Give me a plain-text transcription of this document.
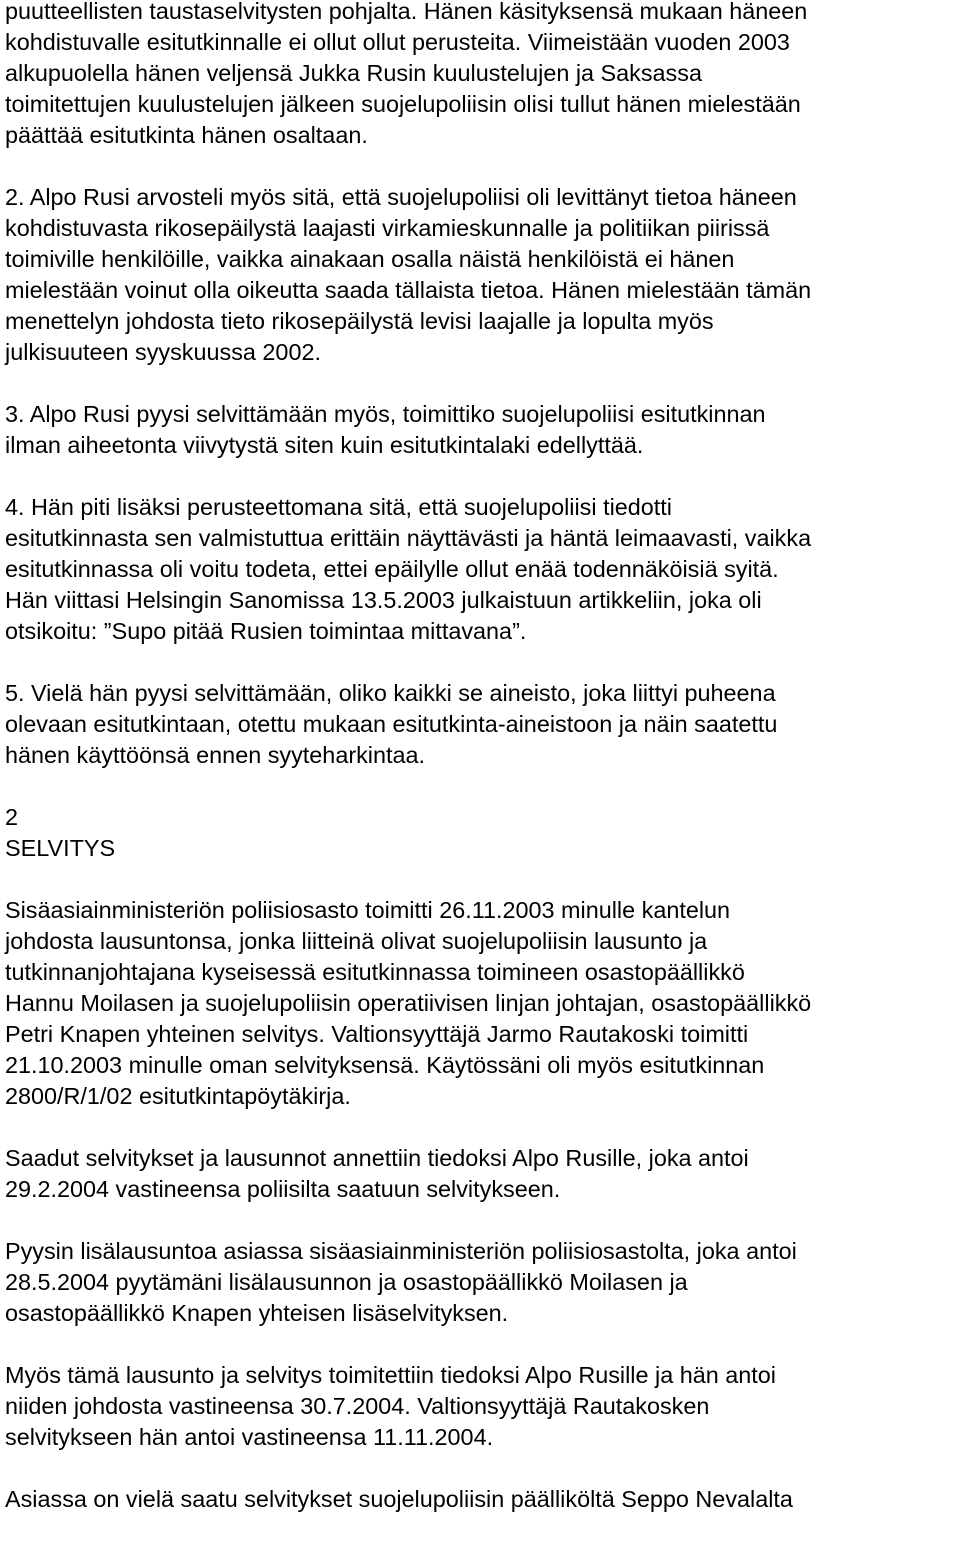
puutteellisten taustaselvitysten pohjalta. Hänen käsityksensä mukaan häneen
kohdistuvalle esitutkinnalle ei ollut ollut perusteita. Viimeistään vuoden 2003
alkupuolella hänen veljensä Jukka Rusin kuulustelujen ja Saksassa
toimitettujen kuulustelujen jälkeen suojelupoliisin olisi tullut hänen mielestään
päättää esitutkinta hänen osaltaan.

2. Alpo Rusi arvosteli myös sitä, että suojelupoliisi oli levittänyt tietoa häneen
kohdistuvasta rikosepäilystä laajasti virkamieskunnalle ja politiikan piirissä
toimiville henkilöille, vaikka ainakaan osalla näistä henkilöistä ei hänen
mielestään voinut olla oikeutta saada tällaista tietoa. Hänen mielestään tämän
menettelyn johdosta tieto rikosepäilystä levisi laajalle ja lopulta myös
julkisuuteen syyskuussa 2002.

3. Alpo Rusi pyysi selvittämään myös, toimittiko suojelupoliisi esitutkinnan
ilman aiheetonta viivytystä siten kuin esitutkintalaki edellyttää.

4. Hän piti lisäksi perusteettomana sitä, että suojelupoliisi tiedotti
esitutkinnasta sen valmistuttua erittäin näyttävästi ja häntä leimaavasti, vaikka
esitutkinnassa oli voitu todeta, ettei epäilylle ollut enää todennäköisiä syitä.
Hän viittasi Helsingin Sanomissa 13.5.2003 julkaistuun artikkeliin, joka oli
otsikoitu: ”Supo pitää Rusien toimintaa mittavana”.

5. Vielä hän pyysi selvittämään, oliko kaikki se aineisto, joka liittyi puheena
olevaan esitutkintaan, otettu mukaan esitutkinta-aineistoon ja näin saatettu
hänen käyttöönsä ennen syyteharkintaa.

2

SELVITYS

Sisäasiainministeriön poliisiosasto toimitti 26.11.2003 minulle kantelun
johdosta lausuntonsa, jonka liitteinä olivat suojelupoliisin lausunto ja
tutkinnanjohtajana kyseisessä esitutkinnassa toimineen osastopäällikkö
Hannu Moilasen ja suojelupoliisin operatiivisen linjan johtajan, osastopäällikkö
Petri Knapen yhteinen selvitys. Valtionsyyttäjä Jarmo Rautakoski toimitti
21.10.2003 minulle oman selvityksensä. Käytössäni oli myös esitutkinnan
2800/R/1/02 esitutkintapöytäkirja.

Saadut selvitykset ja lausunnot annettiin tiedoksi Alpo Rusille, joka antoi
29.2.2004 vastineensa poliisilta saatuun selvitykseen.

Pyysin lisälausuntoa asiassa sisäasiainministeriön poliisiosastolta, joka antoi
28.5.2004 pyytämäni lisälausunnon ja osastopäällikkö Moilasen ja
osastopäällikkö Knapen yhteisen lisäselvityksen.

Myös tämä lausunto ja selvitys toimitettiin tiedoksi Alpo Rusille ja hän antoi
niiden johdosta vastineensa 30.7.2004. Valtionsyyttäjä Rautakosken
selvitykseen hän antoi vastineensa 11.11.2004.

Asiassa on vielä saatu selvitykset suojelupoliisin päälliköltä Seppo Nevalalta
